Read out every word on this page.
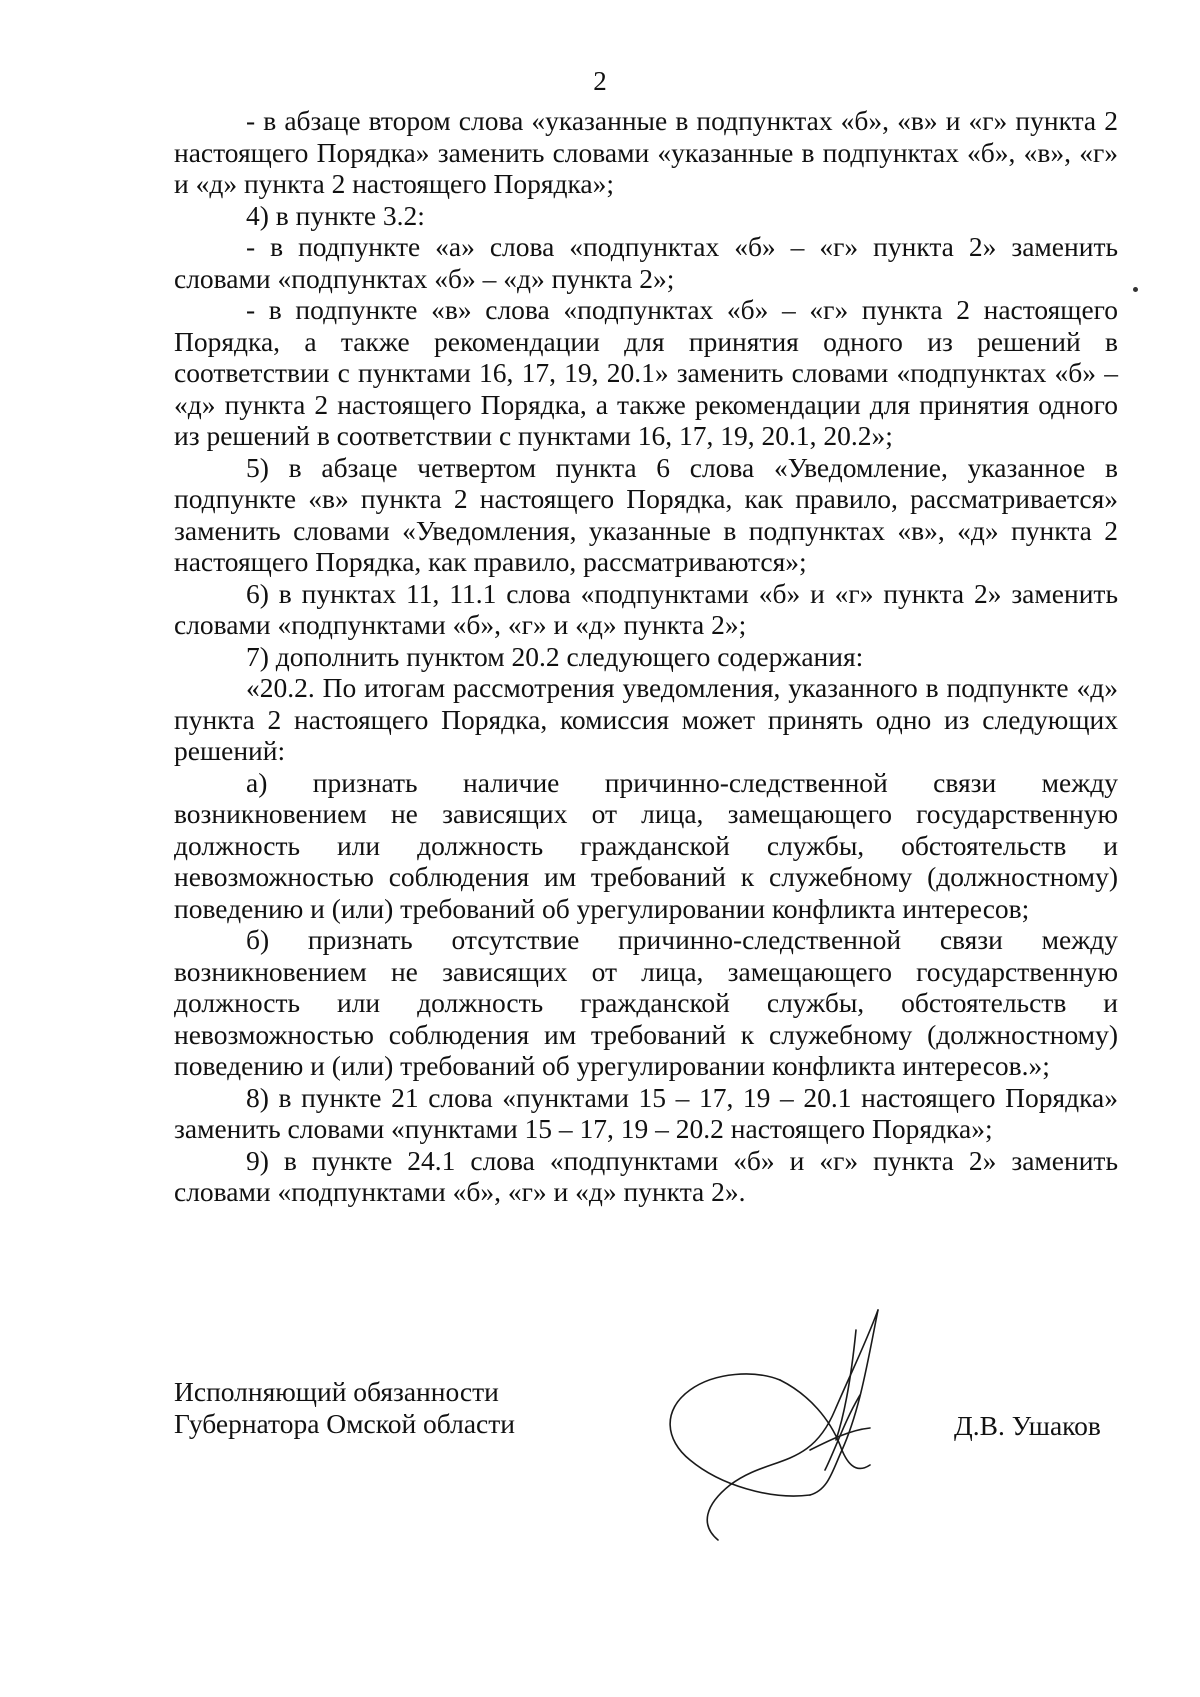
2

- в абзаце втором слова «указанные в подпунктах «б», «в» и «г» пункта 2 настоящего Порядка» заменить словами «указанные в подпунктах «б», «в», «г» и «д» пункта 2 настоящего Порядка»;

4) в пункте 3.2:

- в подпункте «а» слова «подпунктах «б» – «г» пункта 2» заменить словами «подпунктах «б» – «д» пункта 2»;

- в подпункте «в» слова «подпунктах «б» – «г» пункта 2 настоящего Порядка, а также рекомендации для принятия одного из решений в соответствии с пунктами 16, 17, 19, 20.1» заменить словами «подпунктах «б» – «д» пункта 2 настоящего Порядка, а также рекомендации для принятия одного из решений в соответствии с пунктами 16, 17, 19, 20.1, 20.2»;

5) в абзаце четвертом пункта 6 слова «Уведомление, указанное в подпункте «в» пункта 2 настоящего Порядка, как правило, рассматривается» заменить словами «Уведомления, указанные в подпунктах «в», «д» пункта 2 настоящего Порядка, как правило, рассматриваются»;

6) в пунктах 11, 11.1 слова «подпунктами «б» и «г» пункта 2» заменить словами «подпунктами «б», «г» и «д» пункта 2»;

7) дополнить пунктом 20.2 следующего содержания:

«20.2. По итогам рассмотрения уведомления, указанного в подпункте «д» пункта 2 настоящего Порядка, комиссия может принять одно из следующих решений:

а) признать наличие причинно-следственной связи между возникновением не зависящих от лица, замещающего государственную должность или должность гражданской службы, обстоятельств и невозможностью соблюдения им требований к служебному (должностному) поведению и (или) требований об урегулировании конфликта интересов;

б) признать отсутствие причинно-следственной связи между возникновением не зависящих от лица, замещающего государственную должность или должность гражданской службы, обстоятельств и невозможностью соблюдения им требований к служебному (должностному) поведению и (или) требований об урегулировании конфликта интересов.»;

8) в пункте 21 слова «пунктами 15 – 17, 19 – 20.1 настоящего Порядка» заменить словами «пунктами 15 – 17, 19 – 20.2 настоящего Порядка»;

9) в пункте 24.1 слова «подпунктами «б» и «г» пункта 2» заменить словами «подпунктами «б», «г» и «д» пункта 2».

Исполняющий обязанности
Губернатора Омской области	Д.В. Ушаков
